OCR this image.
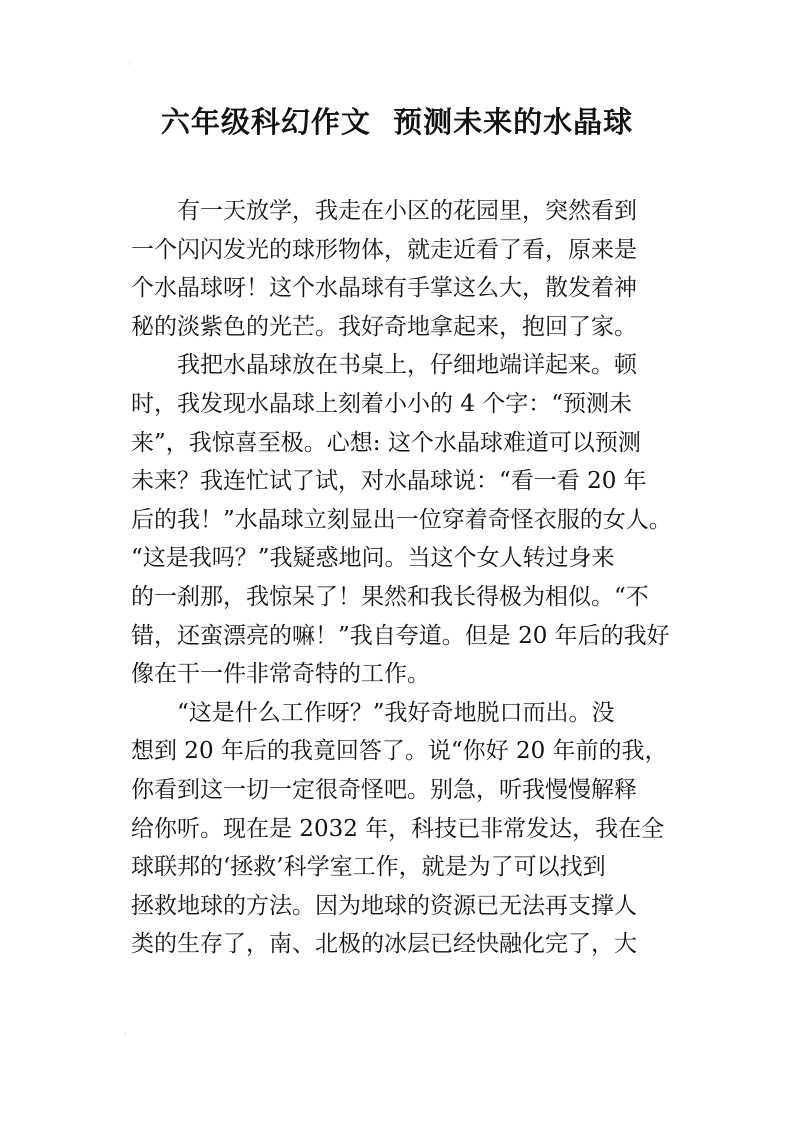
·
六年级科幻作文  预测未来的水晶球
有一天放学，我走在小区的花园里，突然看到
一个闪闪发光的球形物体，就走近看了看，原来是
个水晶球呀！这个水晶球有手掌这么大，散发着神
秘的淡紫色的光芒。我好奇地拿起来，抱回了家。
我把水晶球放在书桌上，仔细地端详起来。顿
时，我发现水晶球上刻着小小的 4 个字：“预测未
来”，我惊喜至极。心想: 这个水晶球难道可以预测
未来？我连忙试了试，对水晶球说：“看一看 20 年
后的我！”水晶球立刻显出一位穿着奇怪衣服的女人。
“这是我吗？”我疑惑地问。当这个女人转过身来
的一刹那，我惊呆了！果然和我长得极为相似。“不
错，还蛮漂亮的嘛！”我自夸道。但是 20 年后的我好
像在干一件非常奇特的工作。
“这是什么工作呀？”我好奇地脱口而出。没
想到 20 年后的我竟回答了。说“你好 20 年前的我，
你看到这一切一定很奇怪吧。别急，听我慢慢解释
给你听。现在是 2032 年，科技已非常发达，我在全
球联邦的‘拯救’科学室工作，就是为了可以找到
拯救地球的方法。因为地球的资源已无法再支撑人
类的生存了，南、北极的冰层已经快融化完了，大
·
